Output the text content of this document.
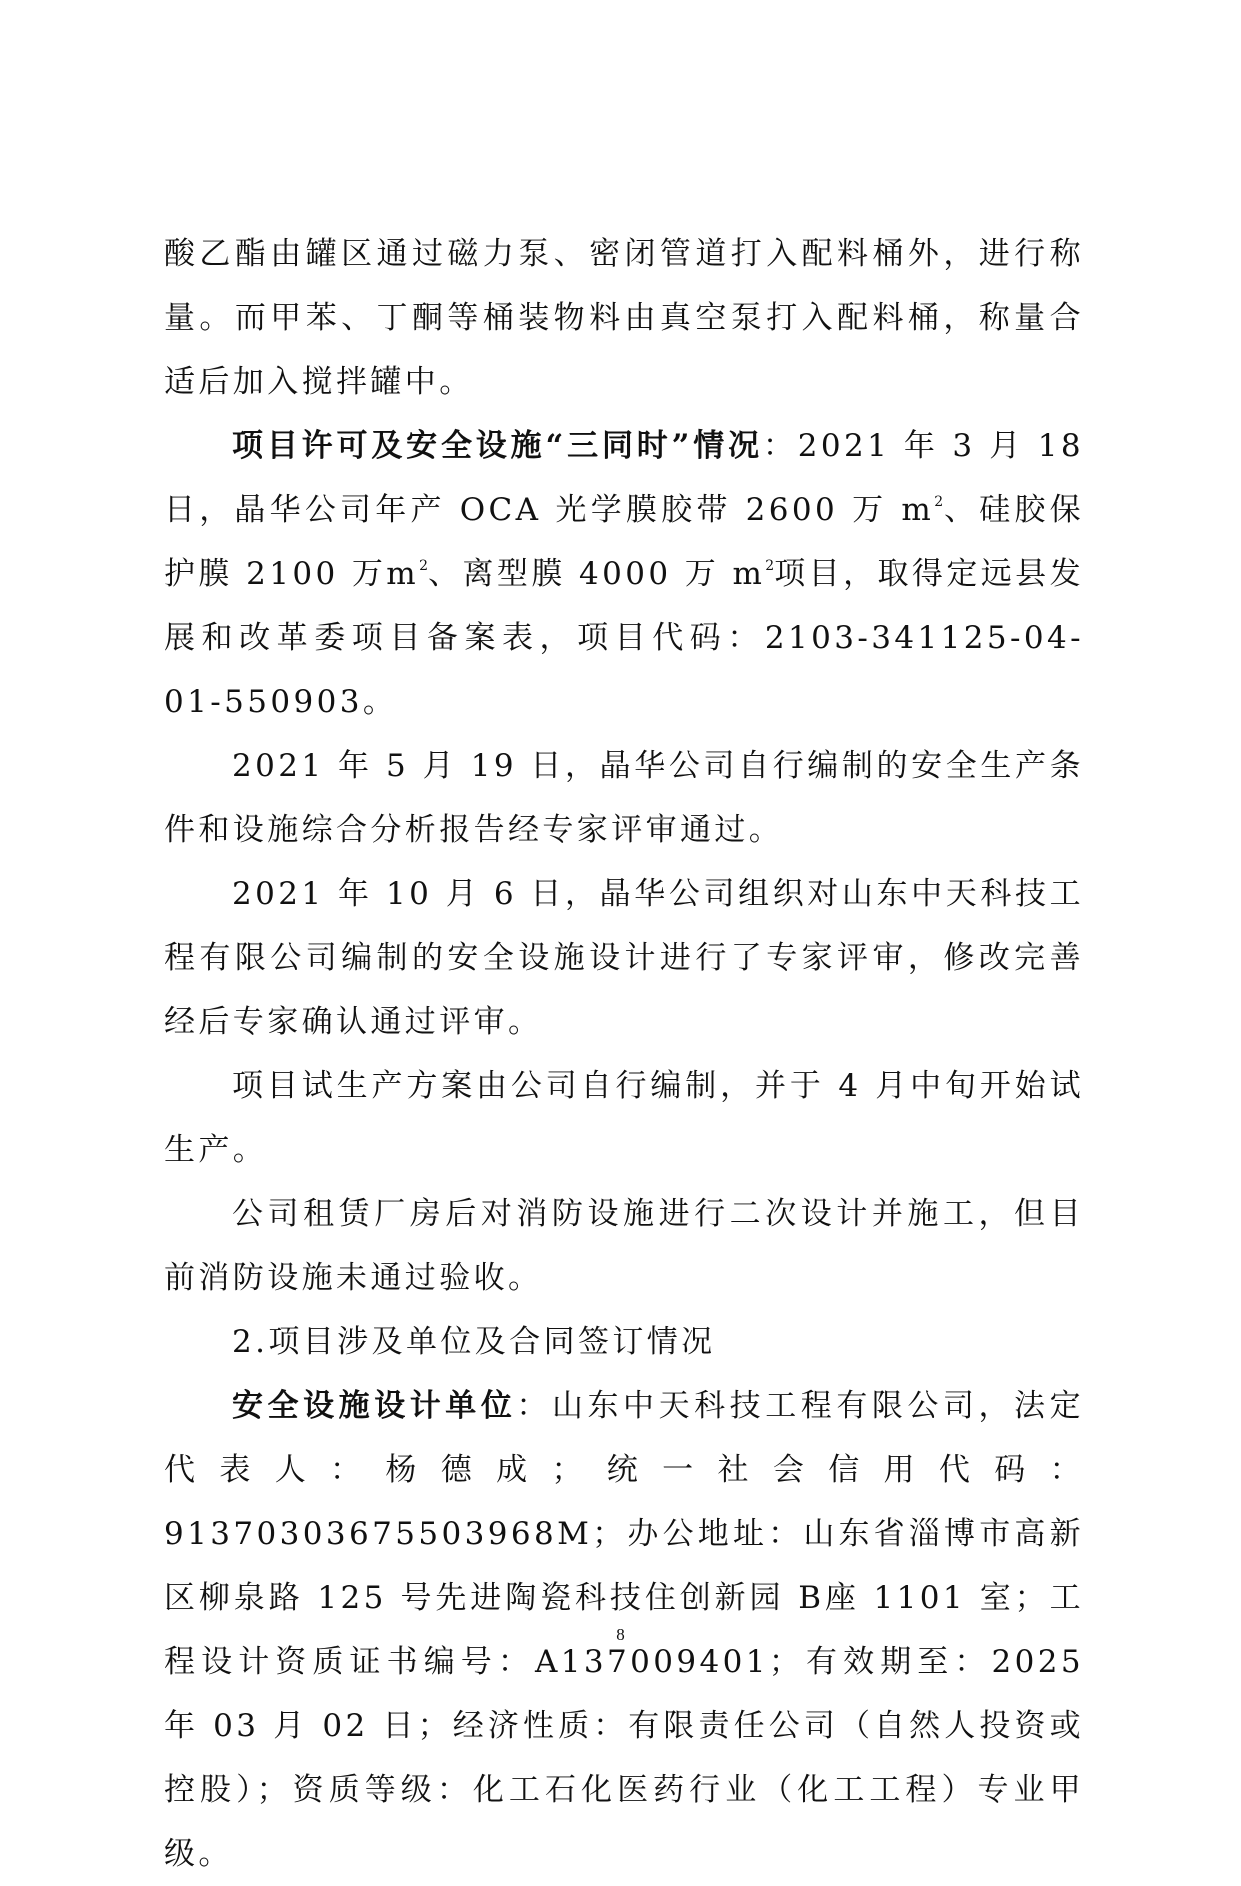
酸乙酯由罐区通过磁力泵、密闭管道打入配料桶外，进行称量。而甲苯、丁酮等桶装物料由真空泵打入配料桶，称量合适后加入搅拌罐中。

项目许可及安全设施“三同时”情况：2021 年 3 月 18 日，晶华公司年产 OCA 光学膜胶带 2600 万 $m^2$、硅胶保护膜 2100 万$m^2$、离型膜 4000 万 $m^2$项目，取得定远县发展和改革委项目备案表，项目代码：2103-341125-04-01-550903。

2021 年 5 月 19 日，晶华公司自行编制的安全生产条件和设施综合分析报告经专家评审通过。

2021 年 10 月 6 日，晶华公司组织对山东中天科技工程有限公司编制的安全设施设计进行了专家评审，修改完善经后专家确认通过评审。

项目试生产方案由公司自行编制，并于 4 月中旬开始试生产。

公司租赁厂房后对消防设施进行二次设计并施工，但目前消防设施未通过验收。

2.项目涉及单位及合同签订情况

安全设施设计单位：山东中天科技工程有限公司，法定代表人：杨德成；统一社会信用代码：91370303675503968M；办公地址：山东省淄博市高新区柳泉路 125 号先进陶瓷科技住创新园 B座 1101 室；工程设计资质证书编号：A137009401；有效期至：2025 年 03 月 02 日；经济性质：有限责任公司（自然人投资或控股）；资质等级：化工石化医药行业（化工工程）专业甲级。

8
